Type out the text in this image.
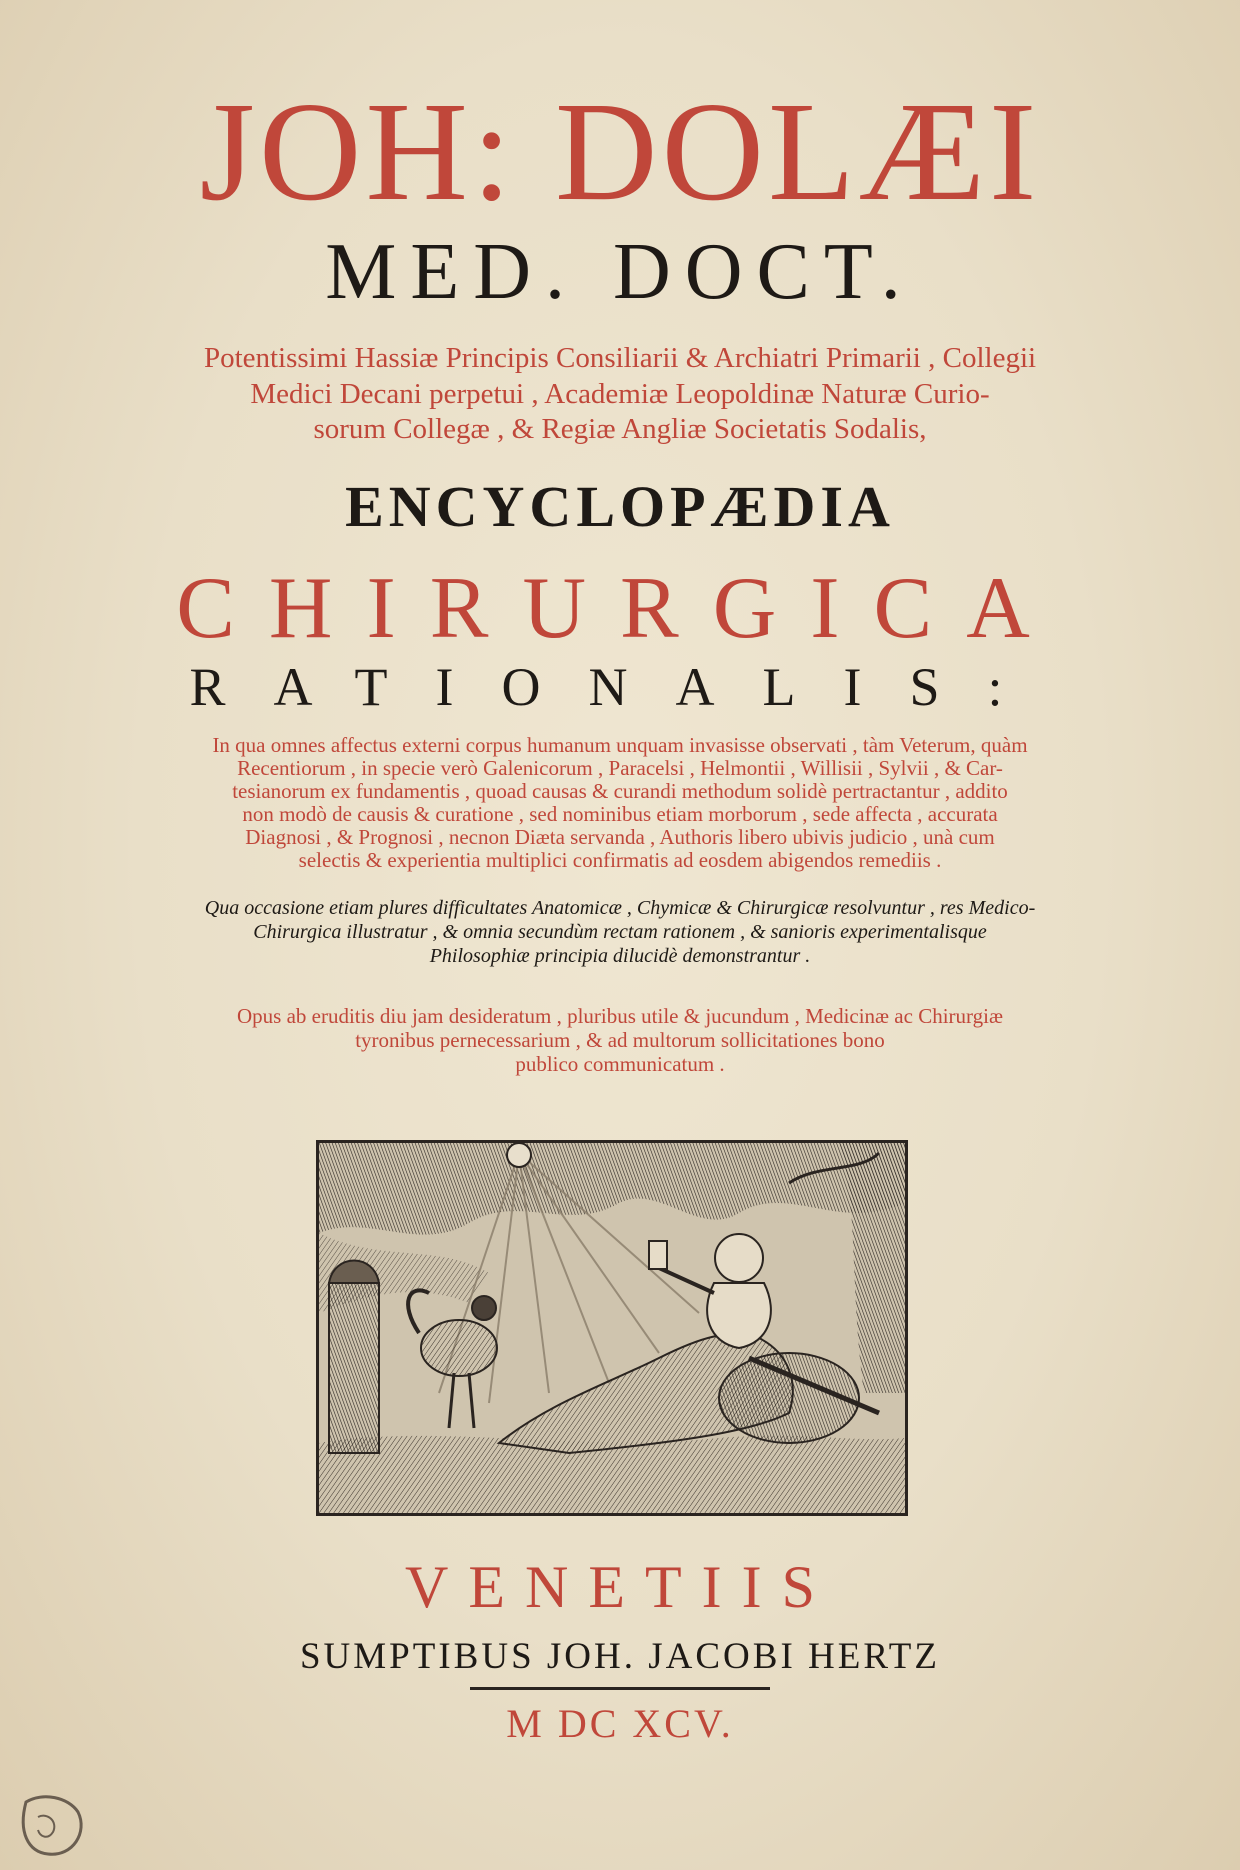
JOH: DOLÆI
MED. DOCT.
Potentissimi Hassiæ Principis Consiliarii & Archiatri Primarii , Collegii
Medici Decani perpetui , Academiæ Leopoldinæ Naturæ Curio-
sorum Collegæ , & Regiæ Angliæ Societatis Sodalis,
ENCYCLOPÆDIA
CHIRURGICA
RATIONALIS:
In qua omnes affectus externi corpus humanum unquam invasisse observati , tàm Veterum, quàm
Recentiorum , in specie verò Galenicorum , Paracelsi , Helmontii , Willisii , Sylvii , & Car-
tesianorum ex fundamentis , quoad causas & curandi methodum solidè pertractantur , addito
non modò de causis & curatione , sed nominibus etiam morborum , sede affecta , accurata
Diagnosi , & Prognosi , necnon Diæta servanda , Authoris libero ubivis judicio , unà cum
selectis & experientia multiplici confirmatis ad eosdem abigendos remediis .
Qua occasione etiam plures difficultates Anatomicæ , Chymicæ & Chirurgicæ resolvuntur , res Medico-
Chirurgica illustratur , & omnia secundùm rectam rationem , & sanioris experimentalisque
Philosophiæ principia dilucidè demonstrantur .
Opus ab eruditis diu jam desideratum , pluribus utile & jucundum , Medicinæ ac Chirurgiæ
tyronibus pernecessarium , & ad multorum sollicitationes bono
publico communicatum .
VENETIIS
SUMPTIBUS JOH. JACOBI HERTZ
M DC XCV.
